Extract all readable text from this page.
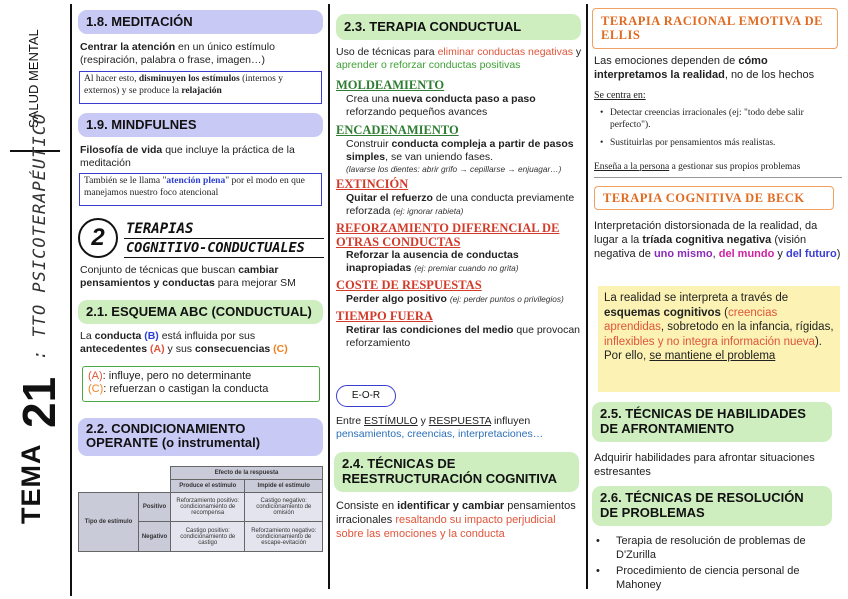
SALUD MENTAL
TEMA
21
: TTO PSICOTERAPÉUTICO
1.8. MEDITACIÓN
Centrar la atención en un único estímulo (respiración, palabra o frase, imagen…)
Al hacer esto, disminuyen los estímulos (internos y externos) y se produce la relajación
1.9. MINDFULNES
Filosofía de vida que incluye la práctica de la meditación
También se le llama "atención plena" por el modo en que manejamos nuestro foco atencional
2	TERAPIAS
COGNITIVO-CONDUCTUALES
Conjunto de técnicas que buscan cambiar pensamientos y conductas para mejorar SM
2.1. ESQUEMA ABC (CONDUCTUAL)
La conducta (B) está influida por sus
antecedentes (A) y sus consecuencias (C)
(A): influye, pero no determinante
(C): refuerzan o castigan la conducta
2.2. CONDICIONAMIENTO OPERANTE (o instrumental)
		Efecto de la respuesta	
		Produce el estímulo	Impide el estímulo
Tipo de estímulo	Positivo	Reforzamiento positivo: condicionamiento de recompensa	Castigo negativo: condicionamiento de omisión
	Negativo	Castigo positivo: condicionamiento de castigo	Reforzamiento negativo: condicionamiento de escape-evitación
2.3. TERAPIA CONDUCTUAL
Uso de técnicas para eliminar conductas negativas y aprender o reforzar conductas positivas
MOLDEAMIENTO
Crea una nueva conducta paso a paso reforzando pequeños avances
ENCADENAMIENTO
Construir conducta compleja a partir de pasos simples, se van uniendo fases.
(lavarse los dientes: abrir grifo → cepillarse → enjuagar…)
EXTINCIÓN
Quitar el refuerzo de una conducta previamente reforzada (ej: ignorar rabieta)
REFORZAMIENTO DIFERENCIAL DE OTRAS CONDUCTAS
Reforzar la ausencia de conductas inapropiadas (ej: premiar cuando no grita)
COSTE DE RESPUESTAS
Perder algo positivo (ej: perder puntos o privilegios)
TIEMPO FUERA
Retirar las condiciones del medio que provocan reforzamiento
E-O-R
Entre ESTÍMULO y RESPUESTA influyen
pensamientos, creencias, interpretaciones…
2.4. TÉCNICAS DE REESTRUCTURACIÓN COGNITIVA
Consiste en identificar y cambiar pensamientos irracionales resaltando su impacto perjudicial sobre las emociones y la conducta
TERAPIA RACIONAL EMOTIVA DE ELLIS
Las emociones dependen de cómo interpretamos la realidad, no de los hechos
Se centra en:
• Detectar creencias irracionales (ej: "todo debe salir perfecto").
• Sustituirlas por pensamientos más realistas.
Enseña a la persona a gestionar sus propios problemas
TERAPIA COGNITIVA DE BECK
Interpretación distorsionada de la realidad, da lugar a la tríada cognitiva negativa (visión negativa de uno mismo, del mundo y del futuro)
La realidad se interpreta a través de esquemas cognitivos (creencias aprendidas, sobretodo en la infancia, rígidas, inflexibles y no integra información nueva).
Por ello, se mantiene el problema
2.5. TÉCNICAS DE HABILIDADES DE AFRONTAMIENTO
Adquirir habilidades para afrontar situaciones estresantes
2.6. TÉCNICAS DE RESOLUCIÓN DE PROBLEMAS
• Terapia de resolución de problemas de D'Zurilla
• Procedimiento de ciencia personal de Mahoney
